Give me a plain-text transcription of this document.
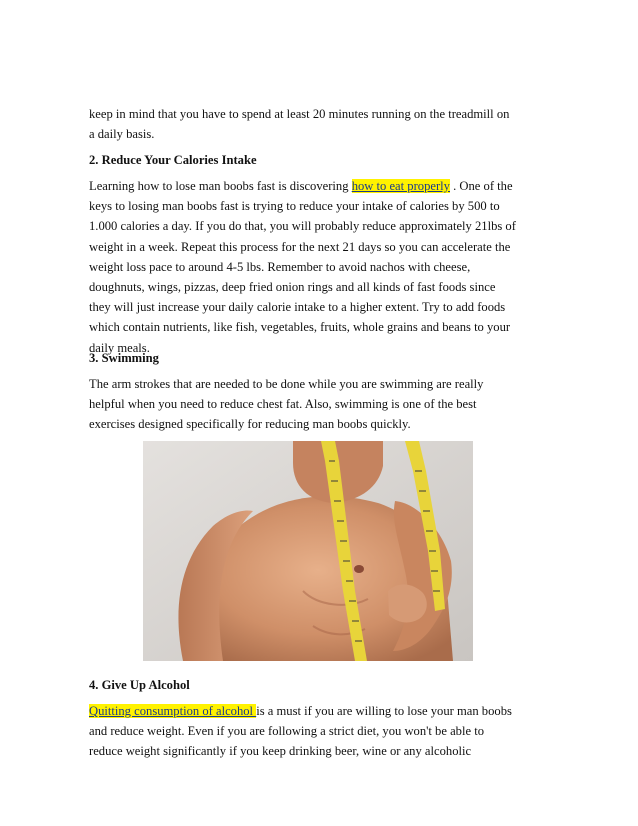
keep in mind that you have to spend at least 20 minutes running on the treadmill on
a daily basis.

2. Reduce Your Calories Intake

Learning how to lose man boobs fast is discovering how to eat properly . One of the
keys to losing man boobs fast is trying to reduce your intake of calories by 500 to
1.000 calories a day. If you do that, you will probably reduce approximately 21lbs of
weight in a week. Repeat this process for the next 21 days so you can accelerate the
weight loss pace to around 4-5 lbs. Remember to avoid nachos with cheese,
doughnuts, wings, pizzas, deep fried onion rings and all kinds of fast foods since
they will just increase your daily calorie intake to a higher extent. Try to add foods
which contain nutrients, like fish, vegetables, fruits, whole grains and beans to your
daily meals.

3. Swimming

The arm strokes that are needed to be done while you are swimming are really
helpful when you need to reduce chest fat. Also, swimming is one of the best
exercises designed specifically for reducing man boobs quickly.

4. Give Up Alcohol

Quitting consumption of alcohol is a must if you are willing to lose your man boobs
and reduce weight. Even if you are following a strict diet, you won't be able to
reduce weight significantly if you keep drinking beer, wine or any alcoholic
